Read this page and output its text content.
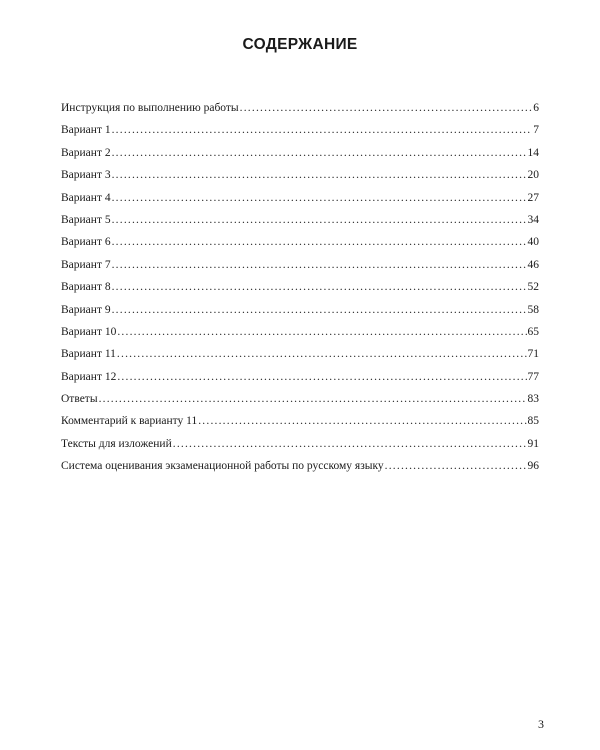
СОДЕРЖАНИЕ
Инструкция по выполнению работы .....	6
Вариант 1 .....	7
Вариант 2 .....	14
Вариант 3 .....	20
Вариант 4 .....	27
Вариант 5 .....	34
Вариант 6 .....	40
Вариант 7 .....	46
Вариант 8 .....	52
Вариант 9 .....	58
Вариант 10 .....	65
Вариант 11 .....	71
Вариант 12 .....	77
Ответы .....	83
Комментарий к варианту 11 .....	85
Тексты для изложений .....	91
Система оценивания экзаменационной работы по русскому языку .....	96
3
